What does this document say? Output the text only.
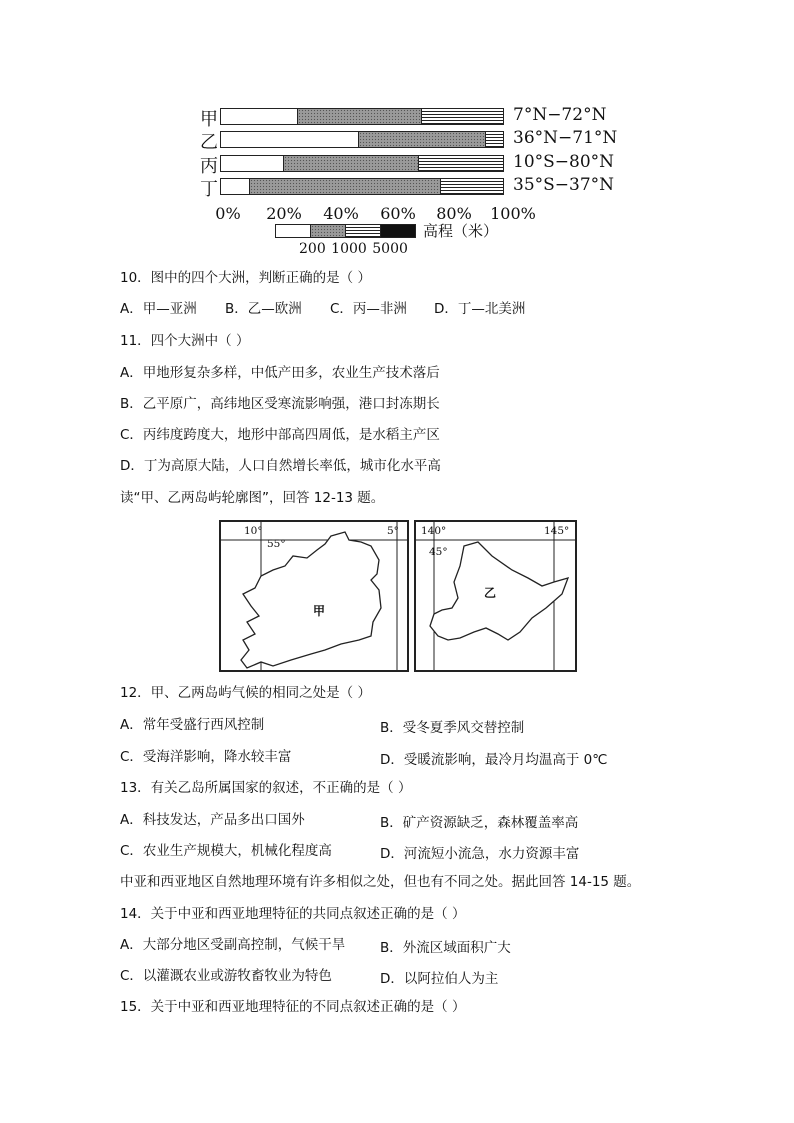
甲	7°N−72°N
乙	36°N−71°N
丙	10°S−80°N
丁	35°S−37°N
0% 20% 40% 60% 80% 100%
高程（米）
200 1000 5000
10．图中的四个大洲，判断正确的是（ ）
A．甲—亚洲 B．乙—欧洲 C．丙—非洲 D．丁—北美洲
11．四个大洲中（ ）
A．甲地形复杂多样，中低产田多，农业生产技术落后
B．乙平原广，高纬地区受寒流影响强，港口封冻期长
C．丙纬度跨度大，地形中部高四周低，是水稻主产区
D．丁为高原大陆，人口自然增长率低，城市化水平高
读“甲、乙两岛屿轮廓图”，回答 12-13 题。
10°	5°
55°
甲
140°	145°
45°
乙
12．甲、乙两岛屿气候的相同之处是（ ）
A．常年受盛行西风控制	B．受冬夏季风交替控制
C．受海洋影响，降水较丰富	D．受暖流影响，最冷月均温高于 0℃
13．有关乙岛所属国家的叙述，不正确的是（ ）
A．科技发达，产品多出口国外	B．矿产资源缺乏，森林覆盖率高
C．农业生产规模大，机械化程度高	D．河流短小流急，水力资源丰富
中亚和西亚地区自然地理环境有许多相似之处，但也有不同之处。据此回答 14-15 题。
14．关于中亚和西亚地理特征的共同点叙述正确的是（ ）
A．大部分地区受副高控制，气候干旱	B．外流区域面积广大
C．以灌溉农业或游牧畜牧业为特色	D．以阿拉伯人为主
15．关于中亚和西亚地理特征的不同点叙述正确的是（ ）
